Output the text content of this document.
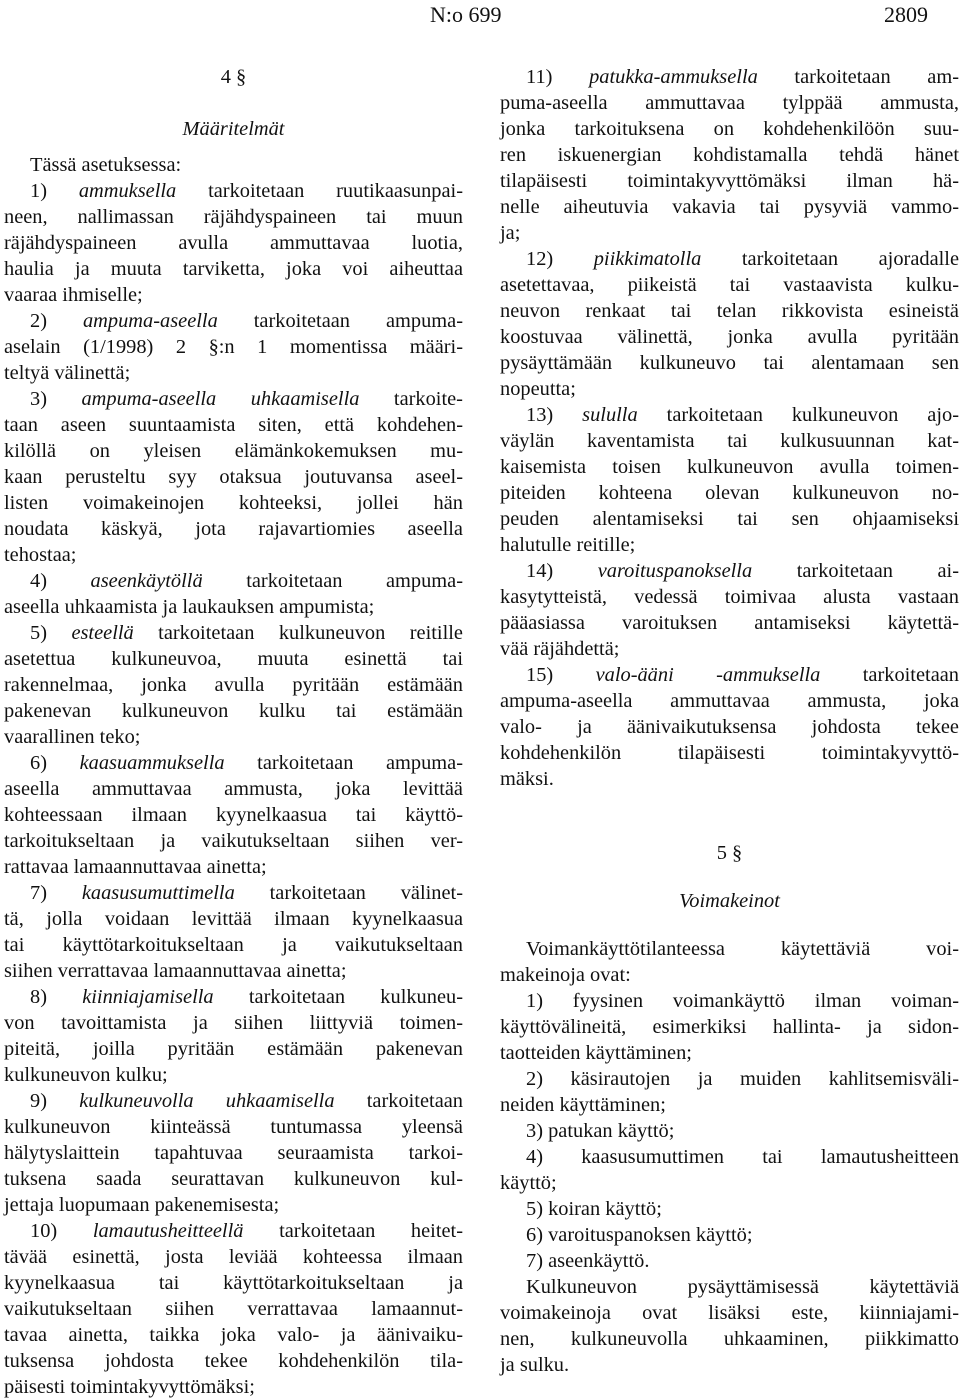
N:o 699	2809
4 §
Määritelmät
Tässä asetuksessa:
1) ammuksella tarkoitetaan ruutikaasunpai-
neen, nallimassan räjähdyspaineen tai muun
räjähdyspaineen avulla ammuttavaa luotia,
haulia ja muuta tarviketta, joka voi aiheuttaa
vaaraa ihmiselle;
2) ampuma-aseella tarkoitetaan ampuma-
aselain (1/1998) 2 §:n 1 momentissa määri-
teltyä välinettä;
3) ampuma-aseella uhkaamisella tarkoite-
taan aseen suuntaamista siten, että kohdehen-
kilöllä on yleisen elämänkokemuksen mu-
kaan perusteltu syy otaksua joutuvansa aseel-
listen voimakeinojen kohteeksi, jollei hän
noudata käskyä, jota rajavartiomies aseella
tehostaa;
4) aseenkäytöllä tarkoitetaan ampuma-
aseella uhkaamista ja laukauksen ampumista;
5) esteellä tarkoitetaan kulkuneuvon reitille
asetettua kulkuneuvoa, muuta esinettä tai
rakennelmaa, jonka avulla pyritään estämään
pakenevan kulkuneuvon kulku tai estämään
vaarallinen teko;
6) kaasuammuksella tarkoitetaan ampuma-
aseella ammuttavaa ammusta, joka levittää
kohteessaan ilmaan kyynelkaasua tai käyttö-
tarkoitukseltaan ja vaikutukseltaan siihen ver-
rattavaa lamaannuttavaa ainetta;
7) kaasusumuttimella tarkoitetaan välinet-
tä, jolla voidaan levittää ilmaan kyynelkaasua
tai käyttötarkoitukseltaan ja vaikutukseltaan
siihen verrattavaa lamaannuttavaa ainetta;
8) kiinniajamisella tarkoitetaan kulkuneu-
von tavoittamista ja siihen liittyviä toimen-
piteitä, joilla pyritään estämään pakenevan
kulkuneuvon kulku;
9) kulkuneuvolla uhkaamisella tarkoitetaan
kulkuneuvon kiinteässä tuntumassa yleensä
hälytyslaittein tapahtuvaa seuraamista tarkoi-
tuksena saada seurattavan kulkuneuvon kul-
jettaja luopumaan pakenemisesta;
10) lamautusheitteellä tarkoitetaan heitet-
tävää esinettä, josta leviää kohteessa ilmaan
kyynelkaasua tai käyttötarkoitukseltaan ja
vaikutukseltaan siihen verrattavaa lamaannut-
tavaa ainetta, taikka joka valo- ja äänivaiku-
tuksensa johdosta tekee kohdehenkilön tila-
päisesti toimintakyvyttömäksi;
11) patukka-ammuksella tarkoitetaan am-
puma-aseella ammuttavaa tylppää ammusta,
jonka tarkoituksena on kohdehenkilöön suu-
ren iskuenergian kohdistamalla tehdä hänet
tilapäisesti toimintakyvyttömäksi ilman hä-
nelle aiheutuvia vakavia tai pysyviä vammo-
ja;
12) piikkimatolla tarkoitetaan ajoradalle
asetettavaa, piikeistä tai vastaavista kulku-
neuvon renkaat tai telan rikkovista esineistä
koostuvaa välinettä, jonka avulla pyritään
pysäyttämään kulkuneuvo tai alentamaan sen
nopeutta;
13) sululla tarkoitetaan kulkuneuvon ajo-
väylän kaventamista tai kulkusuunnan kat-
kaisemista toisen kulkuneuvon avulla toimen-
piteiden kohteena olevan kulkuneuvon no-
peuden alentamiseksi tai sen ohjaamiseksi
halutulle reitille;
14) varoituspanoksella tarkoitetaan ai-
kasytytteistä, vedessä toimivaa alusta vastaan
pääasiassa varoituksen antamiseksi käytettä-
vää räjähdettä;
15) valo-ääni -ammuksella tarkoitetaan
ampuma-aseella ammuttavaa ammusta, joka
valo- ja äänivaikutuksensa johdosta tekee
kohdehenkilön tilapäisesti toimintakyvyttö-
mäksi.
5 §
Voimakeinot
Voimankäyttötilanteessa käytettäviä voi-
makeinoja ovat:
1) fyysinen voimankäyttö ilman voiman-
käyttövälineitä, esimerkiksi hallinta- ja sidon-
taotteiden käyttäminen;
2) käsirautojen ja muiden kahlitsemisväli-
neiden käyttäminen;
3) patukan käyttö;
4) kaasusumuttimen tai lamautusheitteen
käyttö;
5) koiran käyttö;
6) varoituspanoksen käyttö;
7) aseenkäyttö.
Kulkuneuvon pysäyttämisessä käytettäviä
voimakeinoja ovat lisäksi este, kiinniajami-
nen, kulkuneuvolla uhkaaminen, piikkimatto
ja sulku.
